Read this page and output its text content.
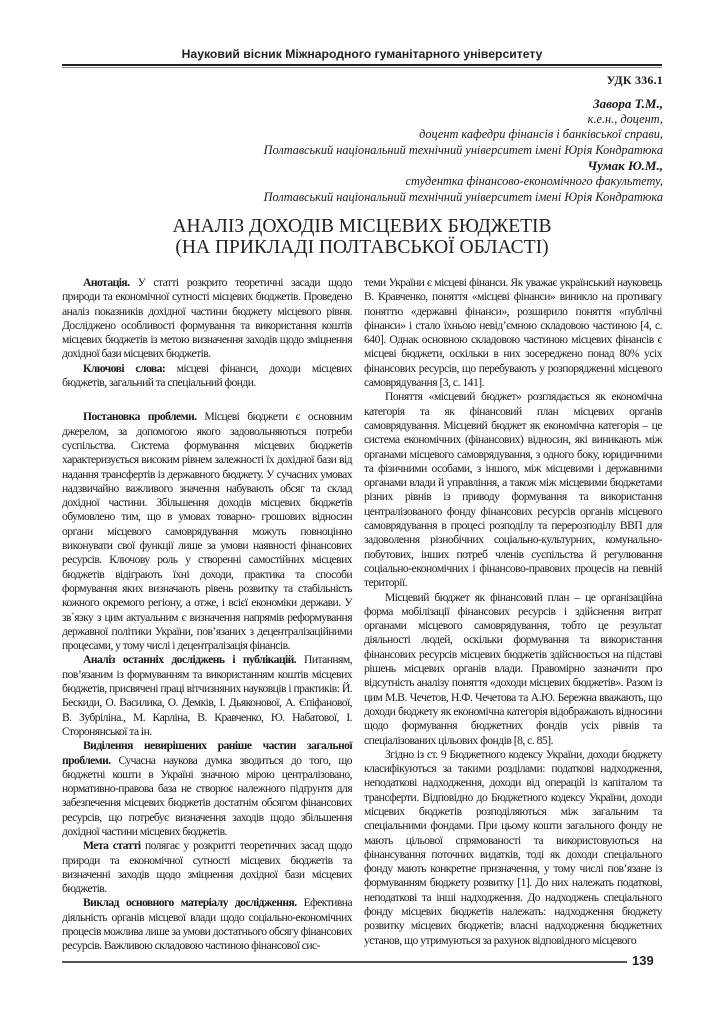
Науковий вісник Міжнародного гуманітарного університету
УДК 336.1
Завора Т.М.,
к.е.н., доцент,
доцент кафедри фінансів і банківської справи,
Полтавський національний технічний університет імені Юрія Кондратюка
Чумак Ю.М.,
студентка фінансово-економічного факультету,
Полтавський національний технічний університет імені Юрія Кондратюка
АНАЛІЗ ДОХОДІВ МІСЦЕВИХ БЮДЖЕТІВ
(НА ПРИКЛАДІ ПОЛТАВСЬКОЇ ОБЛАСТІ)

Анотація. У статті розкрито теоретичні засади щодо природи та економічної сутності місцевих бюджетів. Проведено аналіз показників дохідної частини бюджету місцевого рівня. Досліджено особливості формування та використання коштів місцевих бюджетів із метою визначення заходів щодо зміцнення дохідної бази місцевих бюджетів.

Ключові слова: місцеві фінанси, доходи місцевих бюджетів, загальний та спеціальний фонди.

Постановка проблеми. Місцеві бюджети є основним джерелом, за допомогою якого задовольняються потреби суспільства. Система формування місцевих бюджетів характеризується високим рівнем залежності їх дохідної бази від надання трансфертів із державного бюджету. У сучасних умовах надзвичайно важливого значення набувають обсяг та склад дохідної частини. Збільшення доходів місцевих бюджетів обумовлено тим, що в умовах товарно- грошових відносин органи місцевого самоврядування можуть повноцінно виконувати свої функції лише за умови наявності фінансових ресурсів. Ключову роль у створенні самостійних місцевих бюджетів відіграють їхні доходи, практика та способи формування яких визначають рівень розвитку та стабільність кожного окремого регіону, а отже, і всієї економіки держави. У зв`язку з цим актуальним є визначення напрямів реформування державної політики України, пов’язаних з децентралізаційними процесами, у тому числі і децентралізація фінансів.

Аналіз останніх досліджень і публікацій. Питанням, пов’язаним із формуванням та використанням коштів місцевих бюджетів, присвячені праці вітчизняних науковців і практиків: Й. Бескиди, О. Василика, О. Демків, І. Дьяконової, А. Єпіфанової, В. Зубріліна., М. Карліна, В. Кравченко, Ю. Набатової, І. Сторонянської та ін.

Виділення невирішених раніше частин загальної проблеми. Сучасна наукова думка зводиться до того, що бюджетні кошти в Україні значною мірою централізовано, нормативно-правова база не створює належного підґрунтя для забезпечення місцевих бюджетів достатнім обсягом фінансових ресурсів, що потребує визначення заходів щодо збільшення дохідної частини місцевих бюджетів.

Мета статті полягає у розкритті теоретичних засад щодо природи та економічної сутності місцевих бюджетів та визначенні заходів щодо зміцнення дохідної бази місцевих бюджетів.

Виклад основного матеріалу дослідження. Ефективна діяльність органів місцевої влади щодо соціально-економічних процесів можлива лише за умови достатнього обсягу фінансових ресурсів. Важливою складовою частиною фінансової сис-

теми України є місцеві фінанси. Як уважає український науковець В. Кравченко, поняття «місцеві фінанси» виникло на противагу поняттю «державні фінанси», розширило поняття «публічні фінанси» і стало їхньою невід’ємною складовою частиною [4, с. 640]. Однак основною складовою частиною місцевих фінансів є місцеві бюджети, оскільки в них зосереджено понад 80% усіх фінансових ресурсів, що перебувають у розпорядженні місцевого самоврядування [3, с. 141].

Поняття «місцевий бюджет» розглядається як економічна категорія та як фінансовий план місцевих органів самоврядування. Місцевий бюджет як економічна категорія – це система економічних (фінансових) відносин, які виникають між органами місцевого самоврядування, з одного боку, юридичними та фізичними особами, з іншого, між місцевими і державними органами влади й управління, а також між місцевими бюджетами різних рівнів із приводу формування та використання централізованого фонду фінансових ресурсів органів місцевого самоврядування в процесі розподілу та перерозподілу ВВП для задоволення різнобічних соціально-культурних, комунально-побутових, інших потреб членів суспільства й регулювання соціально-економічних і фінансово-правових процесів на певній території.

Місцевий бюджет як фінансовий план – це організаційна форма мобілізації фінансових ресурсів і здійснення витрат органами місцевого самоврядування, тобто це результат діяльності людей, оскільки формування та використання фінансових ресурсів місцевих бюджетів здійснюється на підставі рішень місцевих органів влади. Правомірно зазначити про відсутність аналізу поняття «доходи місцевих бюджетів». Разом із цим М.В. Чечетов, Н.Ф. Чечетова та А.Ю. Бережна вважають, що доходи бюджету як економічна категорія відображають відносини щодо формування бюджетних фондів усіх рівнів та спеціалізованих цільових фондів [8, с. 85].

Згідно із ст. 9 Бюджетного кодексу України, доходи бюджету класифікуються за такими розділами: податкові надходження, неподаткові надходження, доходи від операцій із капіталом та трансферти. Відповідно до Бюджетного кодексу України, доходи місцевих бюджетів розподіляються між загальним та спеціальними фондами. При цьому кошти загального фонду не мають цільової спрямованості та використовуються на фінансування поточних видатків, тоді як доходи спеціального фонду мають конкретне призначення, у тому числі пов’язане із формуванням бюджету розвитку [1]. До них належать податкові, неподаткові та інші надходження. До надходжень спеціального фонду місцевих бюджетів належать: надходження бюджету розвитку місцевих бюджетів; власні надходження бюджетних установ, що утримуються за рахунок відповідного місцевого

139
